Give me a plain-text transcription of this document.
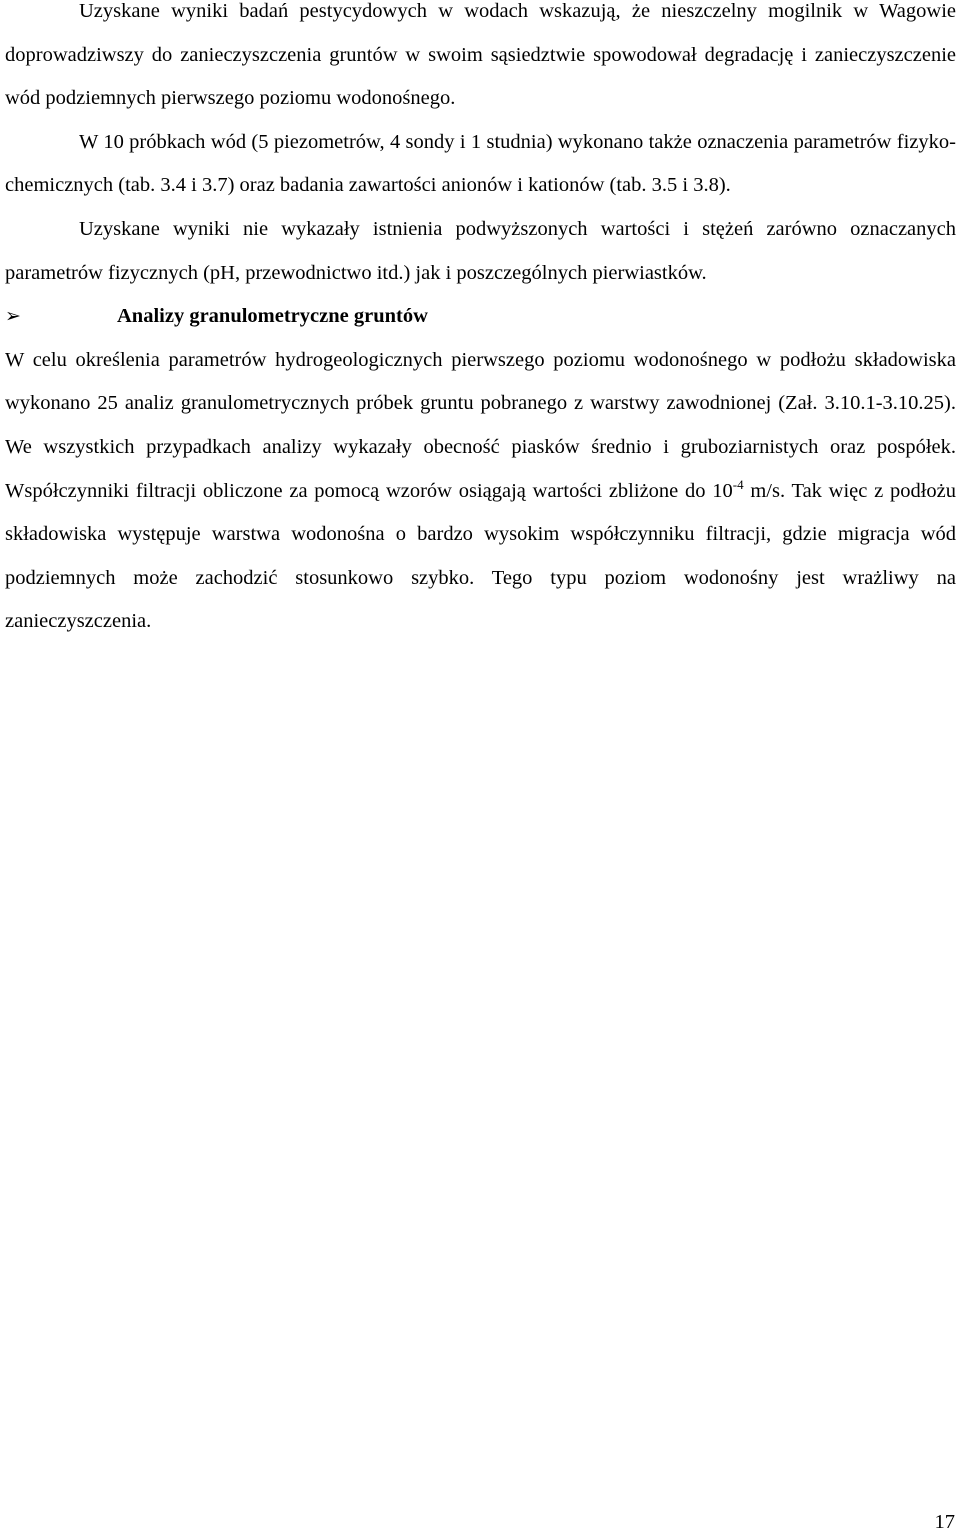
Uzyskane wyniki badań pestycydowych w wodach wskazują, że nieszczelny mogilnik w Wagowie doprowadziwszy do zanieczyszczenia gruntów w swoim sąsiedztwie spowodował degradację i zanieczyszczenie wód podziemnych pierwszego poziomu wodonośnego.

W 10 próbkach wód (5 piezometrów, 4 sondy i 1 studnia) wykonano także oznaczenia parametrów fizyko-chemicznych (tab. 3.4 i 3.7) oraz badania zawartości anionów i kationów (tab. 3.5 i 3.8).

Uzyskane wyniki nie wykazały istnienia podwyższonych wartości i stężeń zarówno oznaczanych parametrów fizycznych (pH, przewodnictwo itd.) jak i poszczególnych pierwiastków.

➢	Analizy granulometryczne gruntów

W celu określenia parametrów hydrogeologicznych pierwszego poziomu wodonośnego w podłożu składowiska wykonano 25 analiz granulometrycznych próbek gruntu pobranego z warstwy zawodnionej (Zał. 3.10.1-3.10.25). We wszystkich przypadkach analizy wykazały obecność piasków średnio i gruboziarnistych oraz pospółek. Współczynniki filtracji obliczone za pomocą wzorów osiągają wartości zbliżone do $10^{-4}$ m/s. Tak więc z podłożu składowiska występuje warstwa wodonośna o bardzo wysokim współczynniku filtracji, gdzie migracja wód podziemnych może zachodzić stosunkowo szybko. Tego typu poziom wodonośny jest wrażliwy na zanieczyszczenia.

17
